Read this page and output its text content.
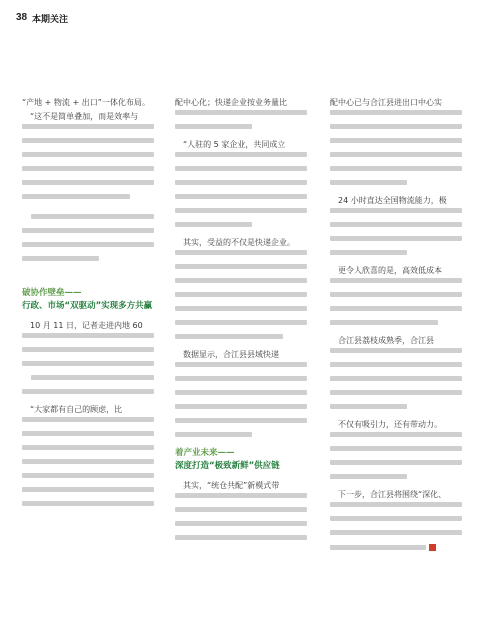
38 本期关注

“产地 + 物流 + 出口”一体化布局。

“这不是简单叠加，而是效率与

破协作壁垒——

行政、市场“双驱动”实现多方共赢

10 月 11 日，记者走进内地 60

“大家都有自己的顾虑，比

配中心化；快递企业按业务量比

“人驻的 5 家企业，共同成立

其实，受益的不仅是快递企业。

数据显示，合江县县域快递

着产业未来——

深度打造“极致新鲜”供应链

其实，“统仓共配”新模式带

配中心已与合江县进出口中心实

24 小时直达全国物流能力，极

更令人欣喜的是，高效低成本

合江县荔枝成熟季，合江县

不仅有吸引力，还有带动力。

下一步，合江县将围绕“深化、
